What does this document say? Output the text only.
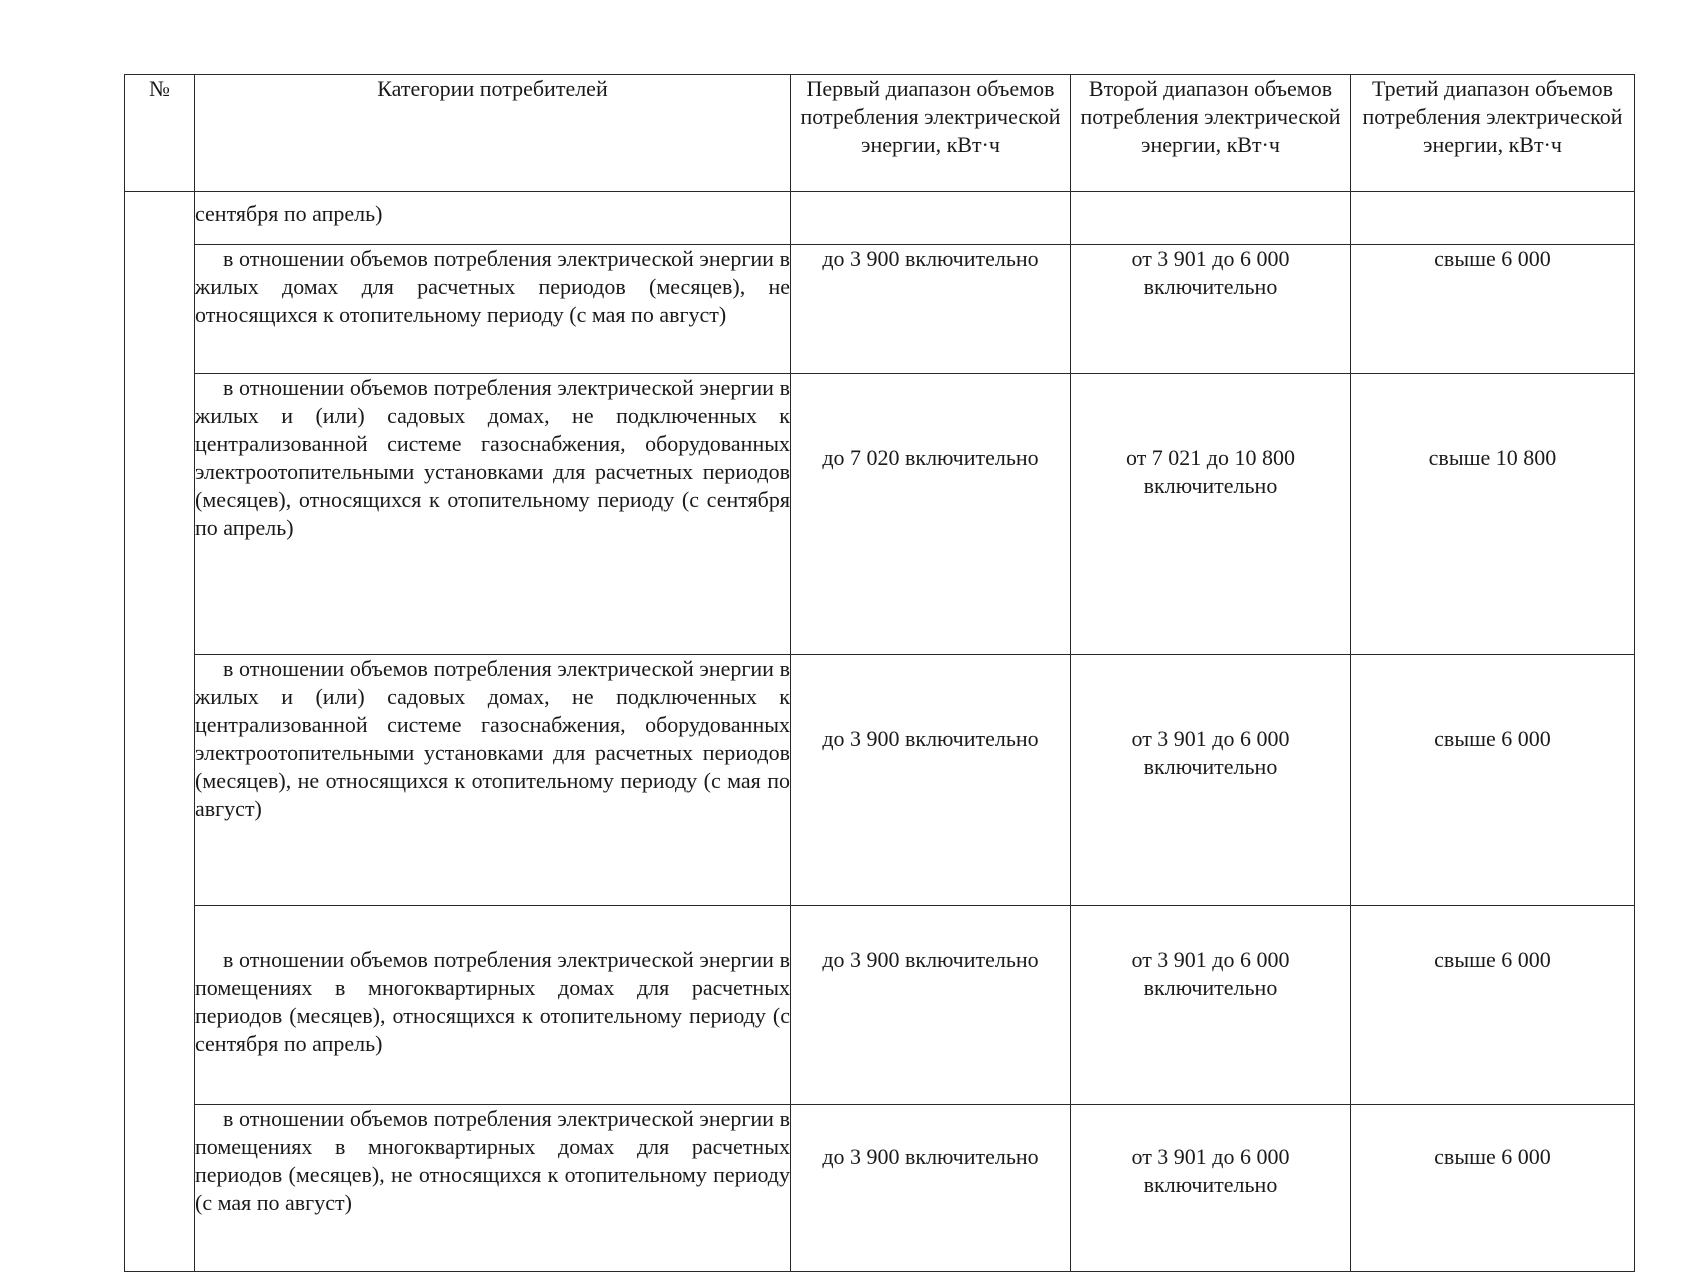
№	Категории потребителей	Первый диапазон объемов потребления электрической энергии, кВт·ч	Второй диапазон объемов потребления электрической энергии, кВт·ч	Третий диапазон объемов потребления электрической энергии, кВт·ч
	сентября по апрель)			

	в отношении объемов потребления электрической энергии в жилых домах для расчетных периодов (месяцев), не относящихся к отопительному периоду (с мая по август)	до 3 900 включительно	от 3 901 до 6 000 включительно	свыше 6 000

	в отношении объемов потребления электрической энергии в жилых и (или) садовых домах, не подключенных к централизованной системе газоснабжения, оборудованных электроотопительными установками для расчетных периодов (месяцев), относящихся к отопительному периоду (с сентября по апрель)	до 7 020 включительно	от 7 021 до 10 800 включительно	свыше 10 800

	в отношении объемов потребления электрической энергии в жилых и (или) садовых домах, не подключенных к централизованной системе газоснабжения, оборудованных электроотопительными установками для расчетных периодов (месяцев), не относящихся к отопительному периоду (с мая по август)	до 3 900 включительно	от 3 901 до 6 000 включительно	свыше 6 000

	в отношении объемов потребления электрической энергии в помещениях в многоквартирных домах для расчетных периодов (месяцев), относящихся к отопительному периоду (с сентября по апрель)	до 3 900 включительно	от 3 901 до 6 000 включительно	свыше 6 000

	в отношении объемов потребления электрической энергии в помещениях в многоквартирных домах для расчетных периодов (месяцев), не относящихся к отопительному периоду (с мая по август)	до 3 900 включительно	от 3 901 до 6 000 включительно	свыше 6 000
